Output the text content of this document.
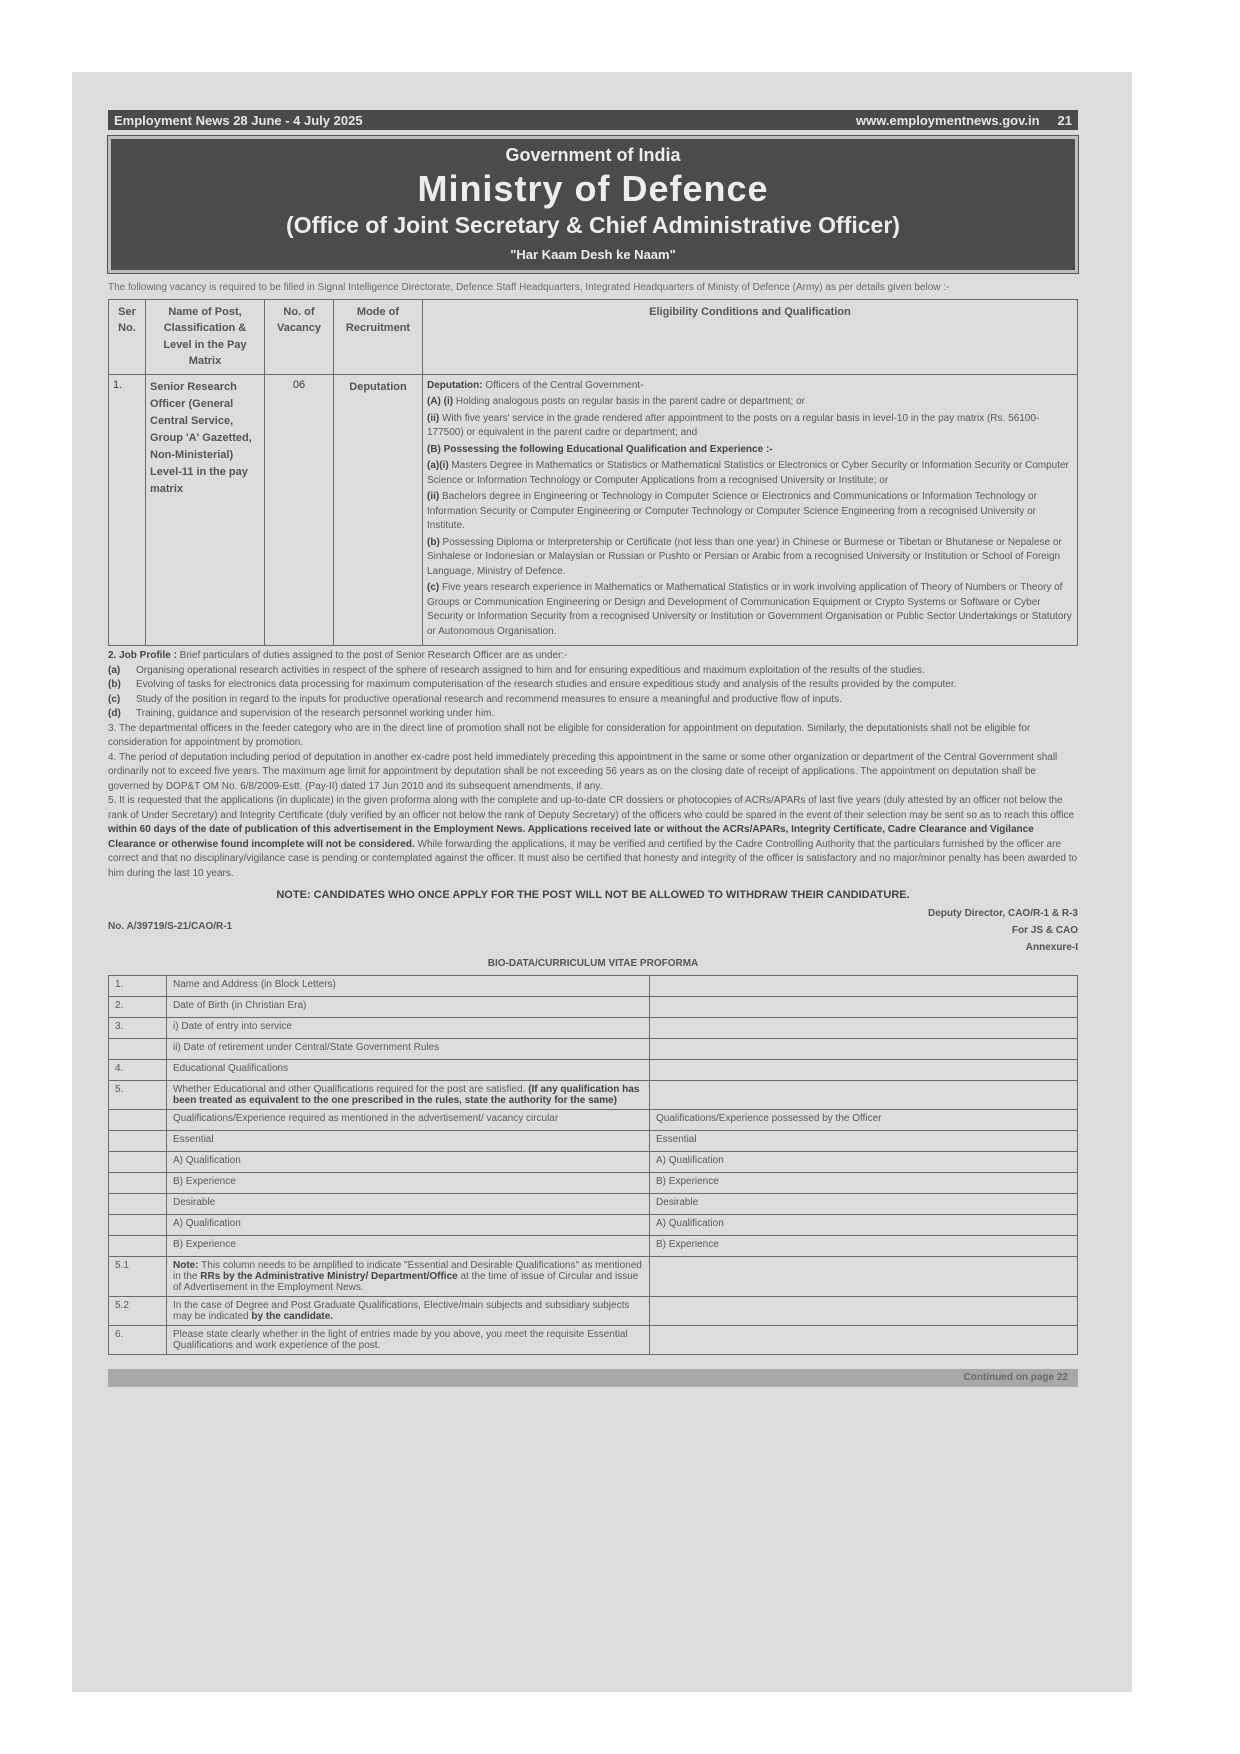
Employment News 28 June - 4 July 2025	www.employmentnews.gov.in 21
Government of India
Ministry of Defence
(Office of Joint Secretary & Chief Administrative Officer)
"Har Kaam Desh ke Naam"

The following vacancy is required to be filled in Signal Intelligence Directorate, Defence Staff Headquarters, Integrated Headquarters of Ministy of Defence (Army) as per details given below :-

Ser No.	Name of Post, Classification & Level in the Pay Matrix	No. of Vacancy	Mode of Recruitment	Eligibility Conditions and Qualification
1.	Senior Research Officer (General Central Service, Group 'A' Gazetted, Non-Ministerial) Level-11 in the pay matrix	06	Deputation	Deputation: Officers of the Central Government-

(A) (i) Holding analogous posts on regular basis in the parent cadre or department; or

(ii) With five years' service in the grade rendered after appointment to the posts on a regular basis in level-10 in the pay matrix (Rs. 56100-177500) or equivalent in the parent cadre or department; and

(B) Possessing the following Educational Qualification and Experience :-

(a)(i) Masters Degree in Mathematics or Statistics or Mathematical Statistics or Electronics or Cyber Security or Information Security or Computer Science or Information Technology or Computer Applications from a recognised University or Institute; or

(ii) Bachelors degree in Engineering or Technology in Computer Science or Electronics and Communications or Information Technology or Information Security or Computer Engineering or Computer Technology or Computer Science Engineering from a recognised University or Institute.

(b) Possessing Diploma or Interpretership or Certificate (not less than one year) in Chinese or Burmese or Tibetan or Bhutanese or Nepalese or Sinhalese or Indonesian or Malaysian or Russian or Pushto or Persian or Arabic from a recognised University or Institution or School of Foreign Language, Ministry of Defence.

(c) Five years research experience in Mathematics or Mathematical Statistics or in work involving application of Theory of Numbers or Theory of Groups or Communication Engineering or Design and Development of Communication Equipment or Crypto Systems or Software or Cyber Security or Information Security from a recognised University or Institution or Government Organisation or Public Sector Undertakings or Statutory or Autonomous Organisation.

2. Job Profile : Brief particulars of duties assigned to the post of Senior Research Officer are as under:-

(a)	Organising operational research activities in respect of the sphere of research assigned to him and for ensuring expeditious and maximum exploitation of the results of the studies.
(b)	Evolving of tasks for electronics data processing for maximum computerisation of the research studies and ensure expeditious study and analysis of the results provided by the computer.
(c)	Study of the position in regard to the inputs for productive operational research and recommend measures to ensure a meaningful and productive flow of inputs.
(d)	Training, guidance and supervision of the research personnel working under him.

3. The departmental officers in the feeder category who are in the direct line of promotion shall not be eligible for consideration for appointment on deputation. Similarly, the deputationists shall not be eligible for consideration for appointment by promotion.

4. The period of deputation including period of deputation in another ex-cadre post held immediately preceding this appointment in the same or some other organization or department of the Central Government shall ordinarily not to exceed five years. The maximum age limit for appointment by deputation shall be not exceeding 56 years as on the closing date of receipt of applications. The appointment on deputation shall be governed by DOP&T OM No. 6/8/2009-Estt. (Pay-II) dated 17 Jun 2010 and its subsequent amendments, if any.

5. It is requested that the applications (in duplicate) in the given proforma along with the complete and up-to-date CR dossiers or photocopies of ACRs/APARs of last five years (duly attested by an officer not below the rank of Under Secretary) and Integrity Certificate (duly verified by an officer not below the rank of Deputy Secretary) of the officers who could be spared in the event of their selection may be sent so as to reach this office within 60 days of the date of publication of this advertisement in the Employment News. Applications received late or without the ACRs/APARs, Integrity Certificate, Cadre Clearance and Vigilance Clearance or otherwise found incomplete will not be considered. While forwarding the applications, it may be verified and certified by the Cadre Controlling Authority that the particulars furnished by the officer are correct and that no disciplinary/vigilance case is pending or contemplated against the officer. It must also be certified that honesty and integrity of the officer is satisfactory and no major/minor penalty has been awarded to him during the last 10 years.

NOTE: CANDIDATES WHO ONCE APPLY FOR THE POST WILL NOT BE ALLOWED TO WITHDRAW THEIR CANDIDATURE.
No. A/39719/S-21/CAO/R-1
Deputy Director, CAO/R-1 & R-3
For JS & CAO
Annexure-I
BIO-DATA/CURRICULUM VITAE PROFORMA
1.	Name and Address (in Block Letters)	
2.	Date of Birth (in Christian Era)	
3.	i) Date of entry into service	
	ii) Date of retirement under Central/State Government Rules	
4.	Educational Qualifications	
5.	Whether Educational and other Qualifications required for the post are satisfied. (If any qualification has been treated as equivalent to the one prescribed in the rules, state the authority for the same)	
	Qualifications/Experience required as mentioned in the advertisement/ vacancy circular	Qualifications/Experience possessed by the Officer
	Essential	Essential
	A) Qualification	A) Qualification
	B) Experience	B) Experience
	Desirable	Desirable
	A) Qualification	A) Qualification
	B) Experience	B) Experience
5.1	Note: This column needs to be amplified to indicate "Essential and Desirable Qualifications" as mentioned in the RRs by the Administrative Ministry/ Department/Office at the time of issue of Circular and issue of Advertisement in the Employment News.	
5.2	In the case of Degree and Post Graduate Qualifications, Elective/main subjects and subsidiary subjects may be indicated by the candidate.	
6.	Please state clearly whether in the light of entries made by you above, you meet the requisite Essential Qualifications and work experience of the post.	
Continued on page 22
